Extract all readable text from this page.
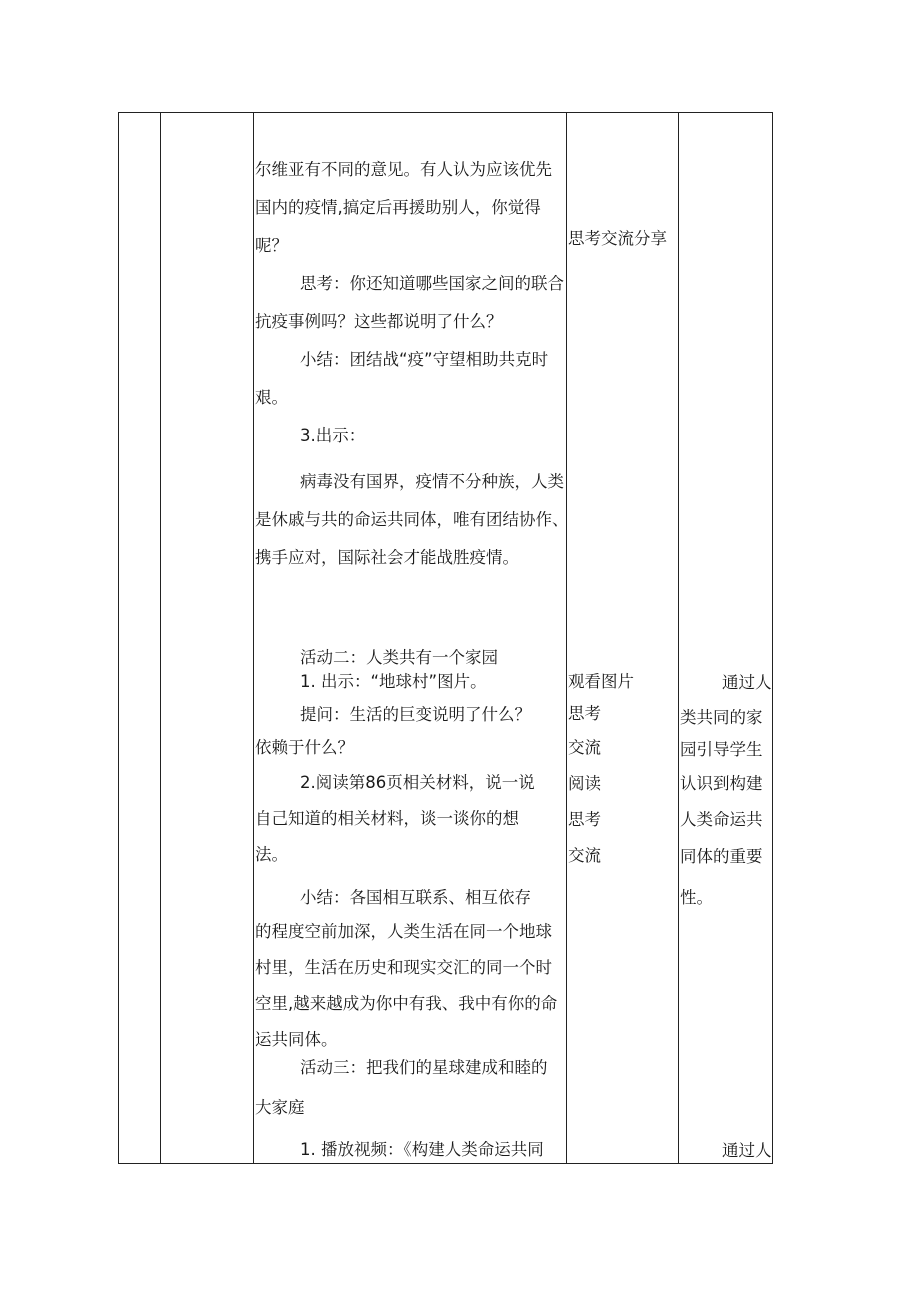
尔维亚有不同的意见。有人认为应该优先
国内的疫情,搞定后再援助别人，你觉得
呢？
思考：你还知道哪些国家之间的联合
抗疫事例吗？这些都说明了什么？
小结：团结战“疫”守望相助共克时
艰。
3.出示：
病毒没有国界，疫情不分种族，人类
是休戚与共的命运共同体，唯有团结协作、
携手应对，国际社会才能战胜疫情。
活动二：人类共有一个家园
1. 出示：“地球村”图片。
提问：生活的巨变说明了什么？
依赖于什么？
2.阅读第86页相关材料，说一说
自己知道的相关材料，谈一谈你的想
法。
小结：各国相互联系、相互依存
的程度空前加深，人类生活在同一个地球
村里，生活在历史和现实交汇的同一个时
空里,越来越成为你中有我、我中有你的命
运共同体。
活动三：把我们的星球建成和睦的
大家庭
1. 播放视频：《构建人类命运共同
思考交流分享
观看图片
思考
交流
阅读
思考
交流
通过人
类共同的家
园引导学生
认识到构建
人类命运共
同体的重要
性。
通过人
